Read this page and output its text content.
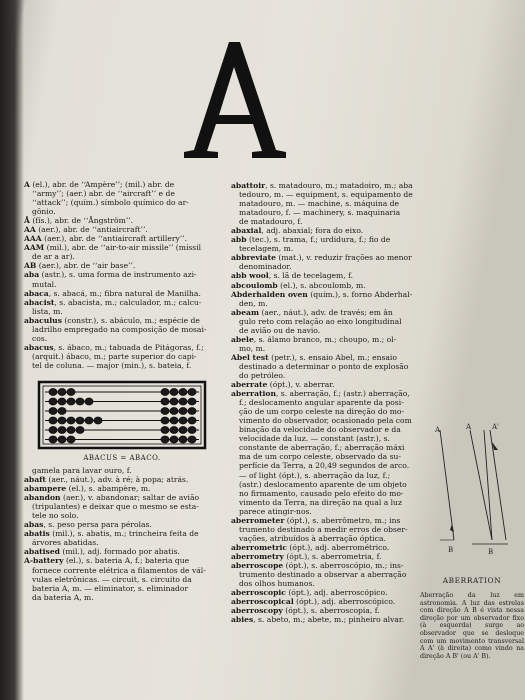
A (el.), abr. de ‘‘Ampère’’; (mil.) abr. de

‘‘army’’; (aer.) abr. de ‘‘aircraft’’ e de

‘‘attack’’; (quím.) símbolo químico do ar-

gônio.

Å (fís.), abr. de ‘‘Ångström’’.

AA (aer.), abr. de ‘‘antiaircraft’’.

AAA (aer.), abr. de ‘‘antiaircraft artillery’’.

AAM (mil.), abr. de ‘‘air-to-air missile’’ (míssil

de ar a ar).

AB (aer.), abr. de ‘‘air base’’.

aba (astr.), s. uma forma de instrumento azi-

mutal.

abaca, s. abacá, m.; fibra natural de Manilha.

abacist, s. abacista, m.; calculador, m.; calcu-

lista, m.

abaculus (constr.), s. abáculo, m.; espécie de

ladrilho empregado na composição de mosai-

cos.

abacus, s. ábaco, m.; tabuada de Pitágoras, f.;

(arquit.) ábaco, m.; parte superior do capi-

tel de coluna. — major (min.), s. bateia, f.

ABACUS = ABACO.

gamela para lavar ouro, f.

abaft (aer., náut.), adv. à ré; à popa; atrás.

abampere (el.), s. abampère, m.

abandon (aer.), v. abandonar; saltar de avião

(tripulantes) e deixar que o mesmo se esta-

tele no solo.

abas, s. peso persa para pérolas.

abatis (mil.), s. abatis, m.; trincheira feita de

árvores abatidas.

abatised (mil.), adj. formado por abatis.

A-battery (el.), s. bateria A, f.; bateria que

fornece corrente elétrica a filamentos de vál-

vulas eletrônicas. — circuit, s. circuito da

bateria A, m. — eliminator, s. eliminador

da bateria A, m.

abattoir, s. matadouro, m.; matadoiro, m.; aba

tedouro, m. — equipment, s. equipamento de

matadouro, m. — machine, s. máquina de

matadouro, f. — machinery, s. maquinaria

de matadouro, f.

abaxial, adj. abaxial; fora do eixo.

abb (tec.), s. trama, f.; urdidura, f.; fio de

tecelagem, m.

abbreviate (mat.), v. reduzir frações ao menor

denominador.

abb wool, s. lã de tecelagem, f.

abcoulomb (el.), s. abcoulomb, m.

Abderhalden oven (quím.), s. forno Abderhal-

den, m.

abeam (aer., náut.), adv. de través; em ân

gulo reto com relação ao eixo longitudinal

de avião ou de navio.

abele, s. álamo branco, m.; choupo, m.; ol-

mo, m.

Abel test (petr.), s. ensaio Abel, m.; ensaio

destinado a determinar o ponto de explosão

do petróleo.

aberrate (ópt.), v. aberrar.

aberration, s. aberração, f.; (astr.) aberração,

f.; deslocamento angular aparente da posi-

ção de um corpo celeste na direção do mo-

vimento do observador, ocasionado pela com

binação da velocidade do observador e da

velocidade da luz. — constant (astr.), s.

constante de aberração, f.; aberração máxi

ma de um corpo celeste, observado da su-

perfície da Terra, a 20,49 segundos de arco.

— of light (ópt.), s. aberração da luz, f.;

(astr.) deslocamento aparente de um objeto

no firmamento, causado pelo efeito do mo-

vimento da Terra, na direção na qual a luz

parece atingir-nos.

aberrometer (ópt.), s. aberrômetro, m.; ins

trumento destinado a medir erros de obser-

vações, atribuídos à aberração óptica.

aberrometric (ópt.), adj. aberrométrico.

aberrometry (ópt.), s. aberrometria, f.

aberroscope (ópt.), s. aberroscópio, m.; ins-

trumento destinado a observar a aberração

dos olhos humanos.

aberroscopic (ópt.), adj. aberroscópico.

aberroscopical (ópt.), adj. aberroscópico.

aberroscopy (ópt.), s. aberroscopia, f.

abies, s. abeto, m.; abete, m.; pinheiro alvar.

A	A	A'
B	B
ABERRATION
Aberração da luz em astronomia. A luz das estrelas com direção A B é vista nessa direção por um observador fixo (à esquerda) surge ao observador que se desloque com um movimento transversal A A' (à direita) como vindo na direção A B' (ou A' B).
